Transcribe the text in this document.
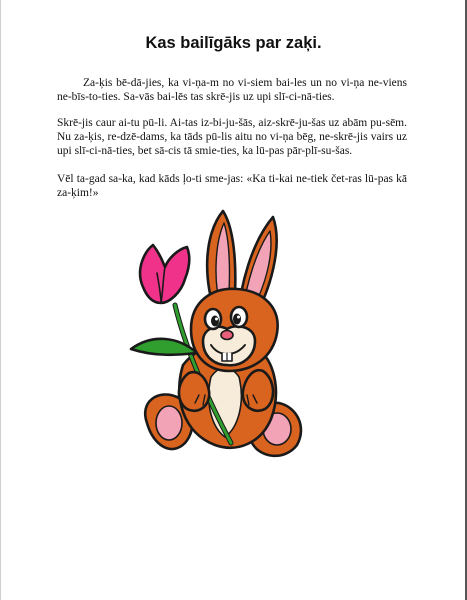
Kas bailīgāks par zaķi.

Za-ķis bē-dā-jies, ka vi-ņa-m no vi-siem bai-les un no vi-ņa ne-viens ne-bīs-to-ties. Sa-vās bai-lēs tas skrē-jis uz upi slī-ci-nā-ties.

Skrē-jis caur ai-tu pū-li. Ai-tas iz-bi-ju-šās, aiz-skrē-ju-šas uz abām pu-sēm. Nu za-ķis, re-dzē-dams, ka tāds pū-lis aitu no vi-ņa bēg, ne-skrē-jis vairs uz upi slī-ci-nā-ties, bet sā-cis tā smie-ties, ka lū-pas pār-plī-su-šas.

Vēl ta-gad sa-ka, kad kāds ļo-ti sme-jas: «Ka ti-kai ne-tiek čet-ras lū-pas kā za-ķim!»
